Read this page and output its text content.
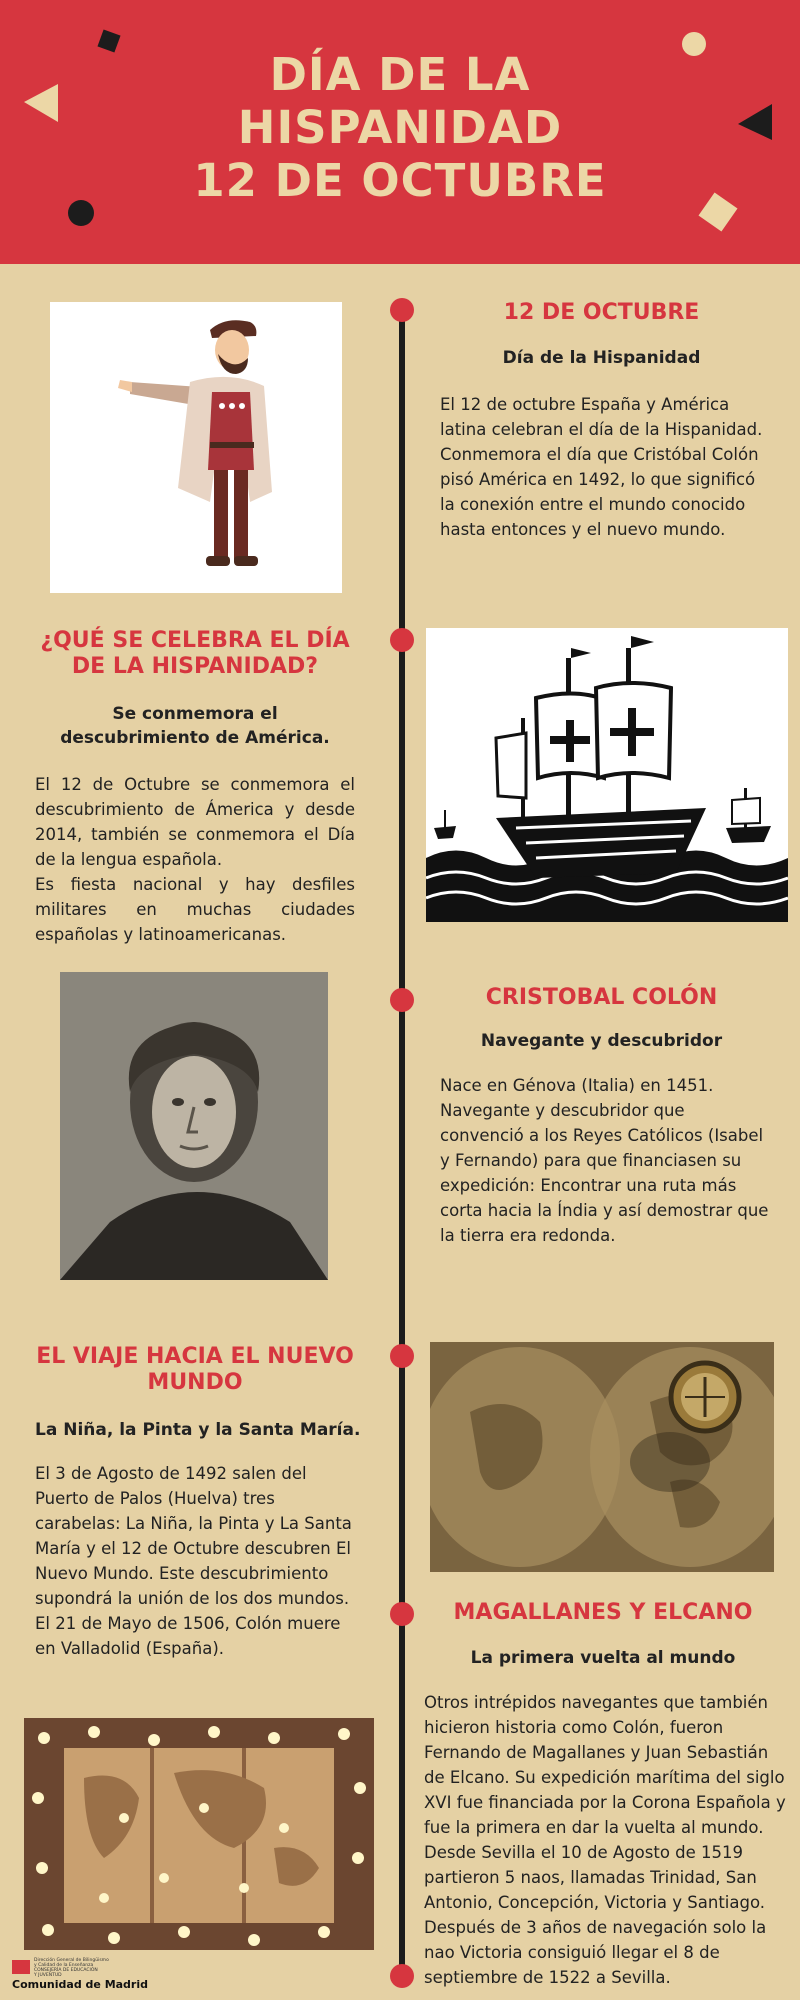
DÍA DE LA
HISPANIDAD
12 DE OCTUBRE
12 DE OCTUBRE
Día de la Hispanidad

El 12 de octubre España y América latina celebran el día de la Hispanidad. Conmemora el día que Cristóbal Colón pisó América en 1492, lo que significó la conexión entre el mundo conocido hasta entonces y el nuevo mundo.

¿QUÉ SE CELEBRA EL DÍA
DE LA HISPANIDAD?
Se conmemora el
descubrimiento de América.

El 12 de Octubre se conmemora el descubrimiento de Ámerica y desde 2014, también se conmemora el Día de la lengua española.

Es fiesta nacional y hay desfiles militares en muchas ciudades españolas y latinoamericanas.

CRISTOBAL COLÓN
Navegante y descubridor

Nace en Génova (Italia) en 1451. Navegante y descubridor que convenció a los Reyes Católicos (Isabel y Fernando) para que financiasen su expedición: Encontrar una ruta más corta hacia la Índia y así demostrar que la tierra era redonda.

EL VIAJE HACIA EL NUEVO
MUNDO
La Niña, la Pinta y la Santa María.

El 3 de Agosto de 1492 salen del Puerto de Palos (Huelva) tres carabelas: La Niña, la Pinta y La Santa María y el 12 de Octubre descubren El Nuevo Mundo. Este descubrimiento supondrá la unión de los dos mundos. El 21 de Mayo de 1506, Colón muere en Valladolid (España).

MAGALLANES Y ELCANO
La primera vuelta al mundo

Otros intrépidos navegantes que también hicieron historia como Colón, fueron Fernando de Magallanes y Juan Sebastián de Elcano. Su expedición marítima del siglo XVI fue financiada por la Corona Española y fue la primera en dar la vuelta al mundo. Desde Sevilla el 10 de Agosto de 1519 partieron 5 naos, llamadas Trinidad, San Antonio, Concepción, Victoria y Santiago. Después de 3 años de navegación solo la nao Victoria consiguió llegar el 8 de septiembre de 1522 a Sevilla.

Dirección General de Bilingüismo
y Calidad de la Enseñanza
CONSEJERÍA DE EDUCACIÓN
Y JUVENTUD
Comunidad de Madrid
